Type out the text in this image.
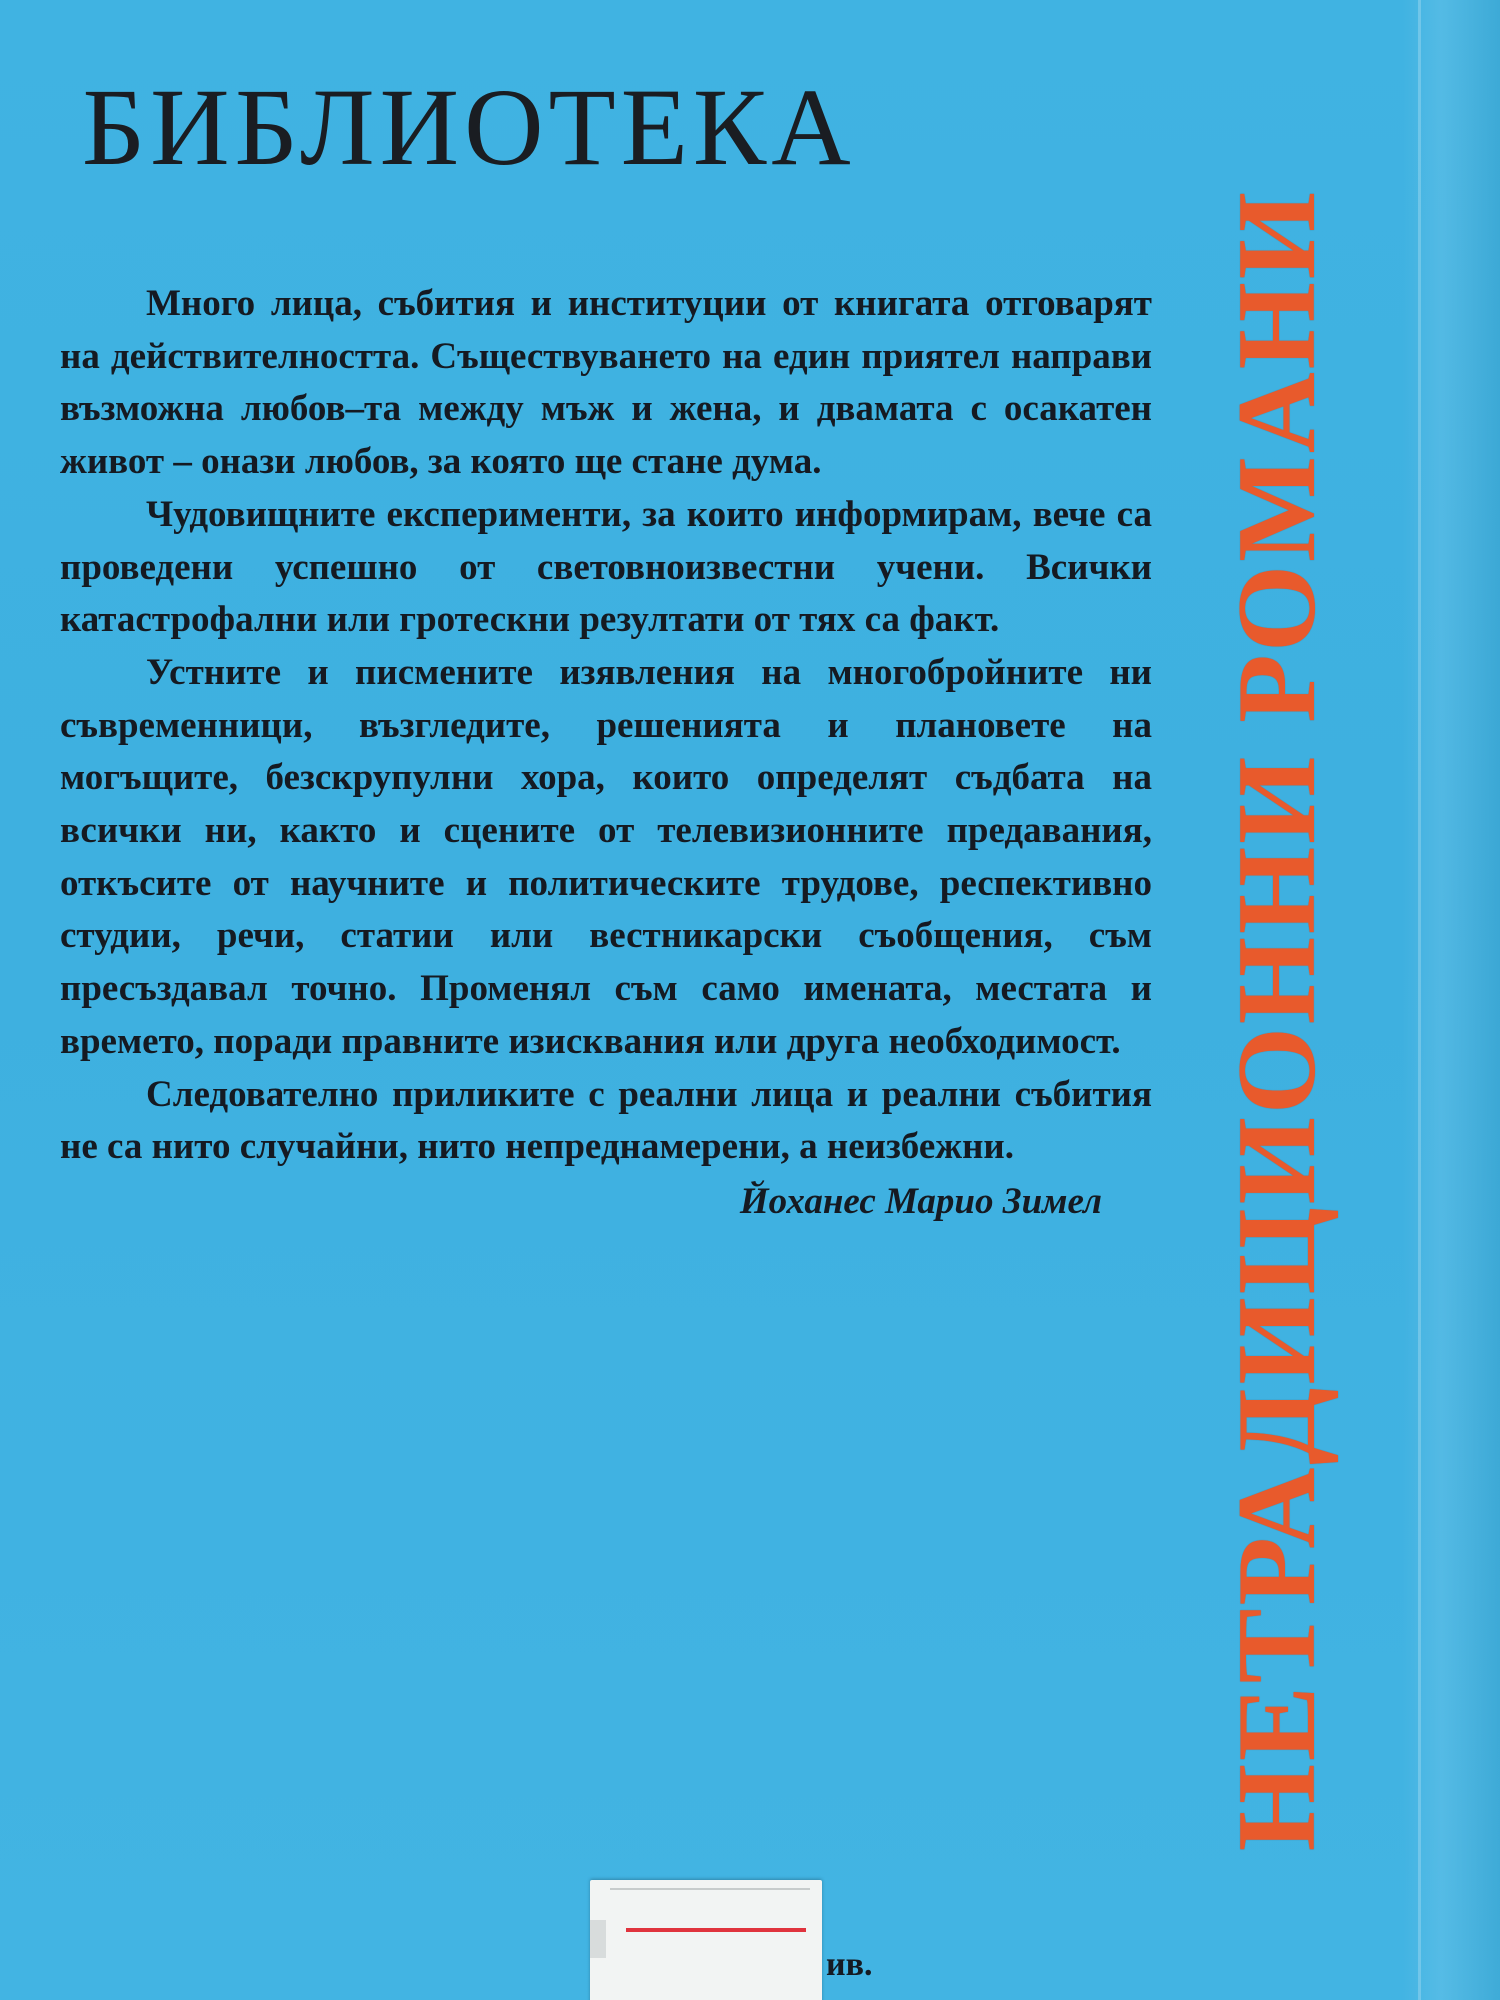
БИБЛИОТЕКА

Много лица, събития и институции от книгата отговарят на действителността. Съществуването на един приятел направи възможна любов–та между мъж и жена, и двамата с осакатен живот – онази любов, за която ще стане дума.

Чудовищните експерименти, за които информирам, вече са проведени успешно от световноизвестни учени. Всички катастрофални или гротескни резултати от тях са факт.

Устните и писмените изявления на многобройните ни съвременници, възгледите, решенията и плановете на могъщите, безскрупулни хора, които определят съдбата на всички ни, както и сцените от телевизионните предавания, откъсите от научните и политическите трудове, респективно студии, речи, статии или вестникарски съобщения, съм пресъздавал точно. Променял съм само имената, местата и времето, поради правните изисквания или друга необходимост.

Следователно приликите с реални лица и реални събития не са нито случайни, нито непреднамерени, а неизбежни.

Йоханес Марио Зимел	НЕТРАДИЦИОННИ РОМАНИ
ив.
